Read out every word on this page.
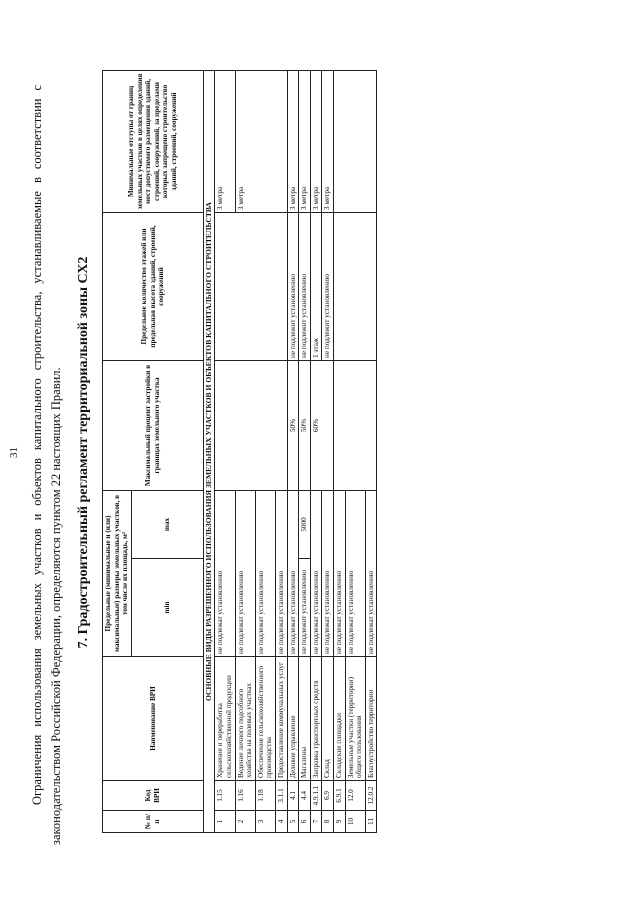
31 Ограничения использования земельных участков и объектов капитального строительства, устанавливаемые в соответствии с законодательством Российской Федерации, определяются пунктом 22 настоящих Правил. 7. Градостроительный регламент территориальной зоны СХ2
№ п/п	Код ВРИ	Наименование ВРИ	Предельные (минимальные и (или) максимальные) размеры земельных участков, в том числе их площадь, м²		Максимальный процент застройки в границах земельного участка	Предельное количество этажей или предельная высота зданий, строений, сооружений	Минимальные отступы от границ земельных участков в целях определения мест допустимого размещения зданий, строений, сооружений, за пределами которых запрещено строительство зданий, строений, сооружений
			min	max			
ОСНОВНЫЕ ВИДЫ РАЗРЕШЕННОГО ИСПОЛЬЗОВАНИЯ ЗЕМЕЛЬНЫХ УЧАСТКОВ И ОБЪЕКТОВ КАПИТАЛЬНОГО СТРОИТЕЛЬСТВА							
1	1.15	Хранение и переработка сельскохозяйственной продукции	не подлежат установлению				3 метра
2	1.16	Ведение личного подсобного хозяйства на полевых участках	не подлежат установлению				3 метра
3	1.18	Обеспечение сельскохозяйственного производства	не подлежат установлению				
4	3.1.1	Предоставление коммунальных услуг	не подлежат установлению				
5	4.1	Деловое управление	не подлежат установлению		50%	не подлежит установлению	3 метра
6	4.4	Магазины	не подлежит установлению	5000	50%	не подлежит установлению	3 метра
7	4.9.1.1	Заправка транспортных средств	не подлежат установлению		60%	1 этаж	3 метра
8	6.9	Склад	не подлежат установлению			не подлежит установлению	3 метра
9	6.9.1	Складские площадки	не подлежат установлению				
10	12.0	Земельные участки (территории) общего пользования	не подлежат установлению				
11	12.0.2	Благоустройство территории	не подлежат установлению				
